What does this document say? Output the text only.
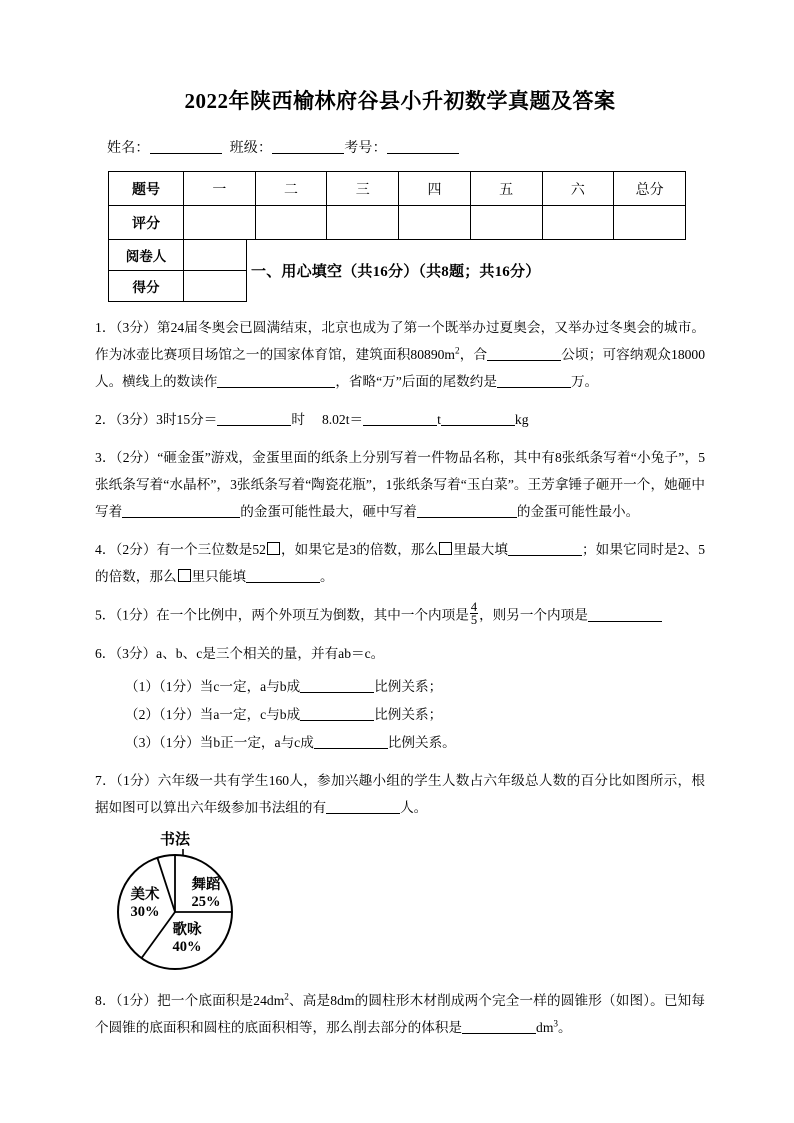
2022年陕西榆林府谷县小升初数学真题及答案
姓名：	班级：	考号：
题号	一	二	三	四	五	六	总分
评分							
阅卷人	
得分	
一、用心填空（共16分）（共8题；共16分）

1．（3分）第24届冬奥会已圆满结束，北京也成为了第一个既举办过夏奥会，又举办过冬奥会的城市。作为冰壶比赛项目场馆之一的国家体育馆，建筑面积$80890m^2$，合	公顷；可容纳观众18000人。横线上的数读作	，省略“万”后面的尾数约是	万。

2．（3分）3时15分＝	时 8.02t＝	t	kg

3．（2分）“砸金蛋”游戏，金蛋里面的纸条上分别写着一件物品名称，其中有8张纸条写着“小兔子”，5张纸条写着“水晶杯”，3张纸条写着“陶瓷花瓶”，1张纸条写着“玉白菜”。王芳拿锤子砸开一个，她砸中写着	的金蛋可能性最大，砸中写着	的金蛋可能性最小。

4．（2分）有一个三位数是52 ，如果它是3的倍数，那么 里最大填	；如果它同时是2、5的倍数，那么 里只能填	。

5．（1分）在一个比例中，两个外项互为倒数，其中一个内项是 $\frac{4}{5}$ ，则另一个内项是

6．（3分）a、b、c是三个相关的量，并有ab＝c。

（1）（1分）当c一定，a与b成	比例关系；

（2）（1分）当a一定，c与b成	比例关系；

（3）（1分）当b正一定，a与c成	比例关系。

7．（1分）六年级一共有学生160人，参加兴趣小组的学生人数占六年级总人数的百分比如图所示，根据如图可以算出六年级参加书法组的有	人。

书法
舞蹈 25%
歌咏 40%
美术 30%

8．（1分）把一个底面积是$24dm^2$、高是8dm的圆柱形木材削成两个完全一样的圆锥形（如图）。已知每个圆锥的底面积和圆柱的底面积相等，那么削去部分的体积是	$dm^3$。
